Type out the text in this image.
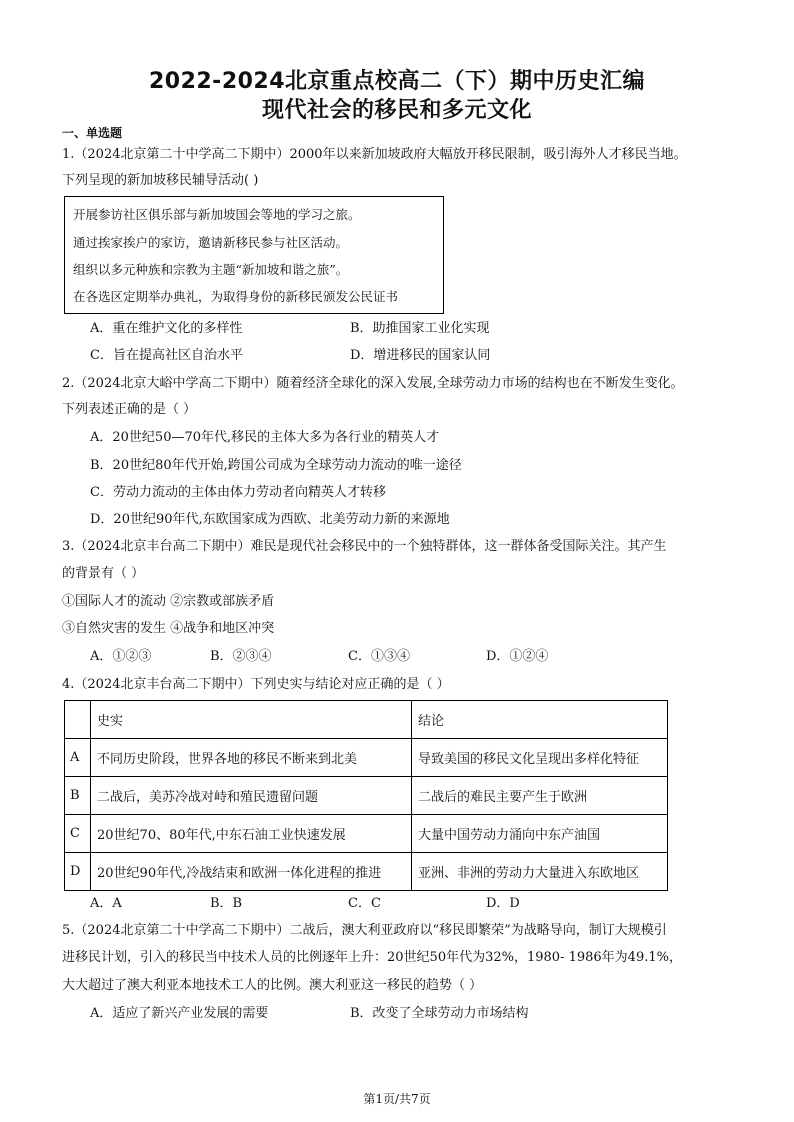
2022-2024北京重点校高二（下）期中历史汇编
现代社会的移民和多元文化
一、单选题
1.（2024北京第二十中学高二下期中）2000年以来新加坡政府大幅放开移民限制，吸引海外人才移民当地。
下列呈现的新加坡移民辅导活动( )
开展参访社区俱乐部与新加坡国会等地的学习之旅。
通过挨家挨户的家访，邀请新移民参与社区活动。
组织以多元种族和宗教为主题“新加坡和谐之旅”。
在各选区定期举办典礼，为取得身份的新移民颁发公民证书
A．重在维护文化的多样性	B．助推国家工业化实现
C．旨在提高社区自治水平	D．增进移民的国家认同
2.（2024北京大峪中学高二下期中）随着经济全球化的深入发展,全球劳动力市场的结构也在不断发生变化。
下列表述正确的是（ ）
A．20世纪50—70年代,移民的主体大多为各行业的精英人才
B．20世纪80年代开始,跨国公司成为全球劳动力流动的唯一途径
C．劳动力流动的主体由体力劳动者向精英人才转移
D．20世纪90年代,东欧国家成为西欧、北美劳动力新的来源地
3.（2024北京丰台高二下期中）难民是现代社会移民中的一个独特群体，这一群体备受国际关注。其产生
的背景有（ ）
①国际人才的流动 ②宗教或部族矛盾
③自然灾害的发生 ④战争和地区冲突
A．①②③	B．②③④	C．①③④	D．①②④
4.（2024北京丰台高二下期中）下列史实与结论对应正确的是（ ）
	史实	结论
A	不同历史阶段，世界各地的移民不断来到北美	导致美国的移民文化呈现出多样化特征
B	二战后，美苏冷战对峙和殖民遗留问题	二战后的难民主要产生于欧洲
C	20世纪70、80年代,中东石油工业快速发展	大量中国劳动力涌向中东产油国
D	20世纪90年代,冷战结束和欧洲一体化进程的推进	亚洲、非洲的劳动力大量进入东欧地区
A．A	B．B	C．C	D．D
5.（2024北京第二十中学高二下期中）二战后，澳大利亚政府以“移民即繁荣”为战略导向，制订大规模引
进移民计划，引入的移民当中技术人员的比例逐年上升：20世纪50年代为32%，1980- 1986年为49.1%，
大大超过了澳大利亚本地技术工人的比例。澳大利亚这一移民的趋势（ ）
A．适应了新兴产业发展的需要	B．改变了全球劳动力市场结构
第1页/共7页
